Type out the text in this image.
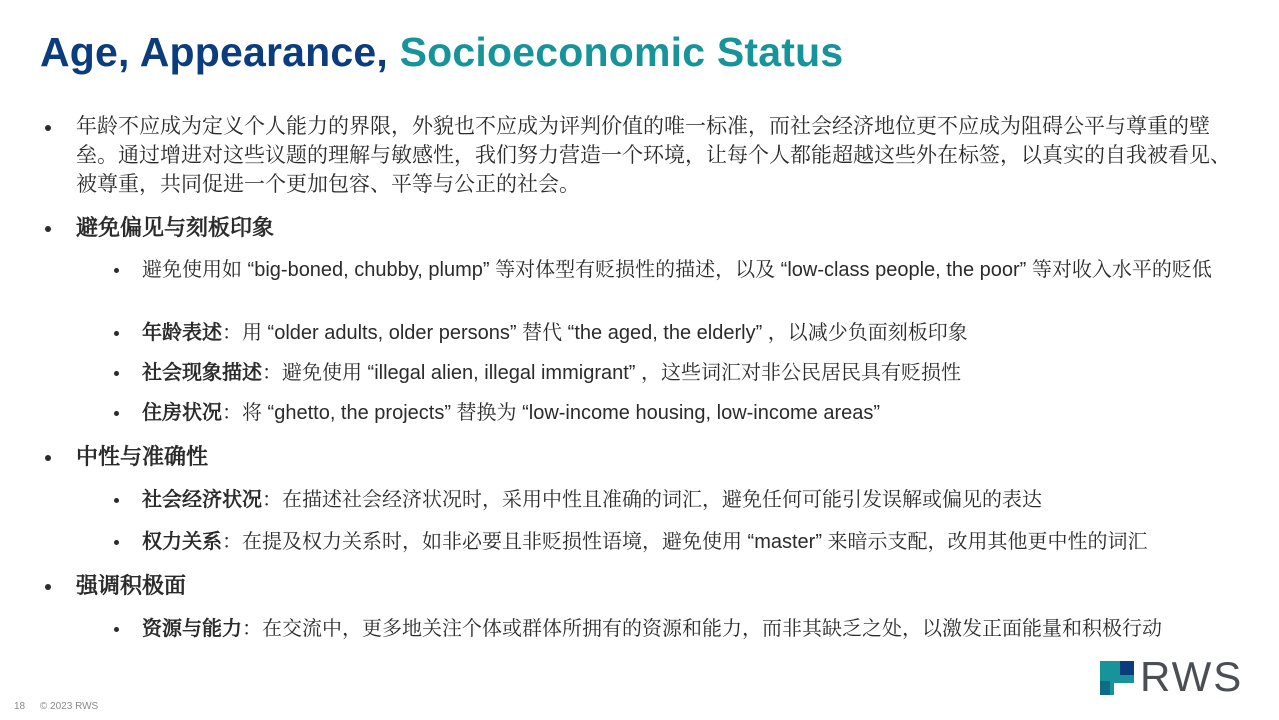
Age, Appearance, Socioeconomic Status
年龄不应成为定义个人能力的界限，外貌也不应成为评判价值的唯一标准，而社会经济地位更不应成为阻碍公平与尊重的壁垒。通过增进对这些议题的理解与敏感性，我们努力营造一个环境，让每个人都能超越这些外在标签，以真实的自我被看见、被尊重，共同促进一个更加包容、平等与公正的社会。
避免偏见与刻板印象
避免使用如 “big-boned, chubby, plump” 等对体型有贬损性的描述，以及 “low-class people, the poor” 等对收入水平的贬低
年龄表述：用 “older adults, older persons” 替代 “the aged, the elderly” ，以减少负面刻板印象
社会现象描述：避免使用 “illegal alien, illegal immigrant” ，这些词汇对非公民居民具有贬损性
住房状况：将 “ghetto, the projects” 替换为 “low-income housing, low-income areas”
中性与准确性
社会经济状况：在描述社会经济状况时，采用中性且准确的词汇，避免任何可能引发误解或偏见的表达
权力关系：在提及权力关系时，如非必要且非贬损性语境，避免使用 “master” 来暗示支配，改用其他更中性的词汇
强调积极面
资源与能力：在交流中，更多地关注个体或群体所拥有的资源和能力，而非其缺乏之处，以激发正面能量和积极行动
18 © 2023 RWS
RWS
